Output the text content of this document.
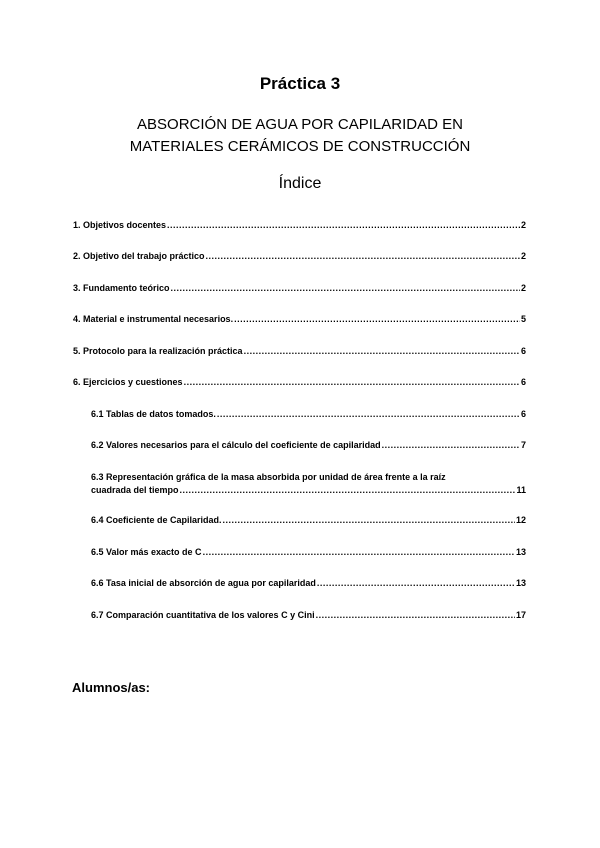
Práctica 3
ABSORCIÓN DE AGUA POR CAPILARIDAD EN
MATERIALES CERÁMICOS DE CONSTRUCCIÓN
Índice
1. Objetivos docentes .....	2
2. Objetivo del trabajo práctico .....	2
3. Fundamento teórico .....	2
4. Material e instrumental necesarios. .....	5
5. Protocolo para la realización práctica .....	6
6. Ejercicios y cuestiones .....	6
6.1 Tablas de datos tomados. .....	6
6.2 Valores necesarios para el cálculo del coeficiente de capilaridad .....	7
6.3 Representación gráfica de la masa absorbida por unidad de área frente a la raíz
cuadrada del tiempo .....	11
6.4 Coeficiente de Capilaridad. .....	12
6.5 Valor más exacto de C .....	13
6.6 Tasa inicial de absorción de agua por capilaridad .....	13
6.7 Comparación cuantitativa de los valores C y Cini .....	17
Alumnos/as:
